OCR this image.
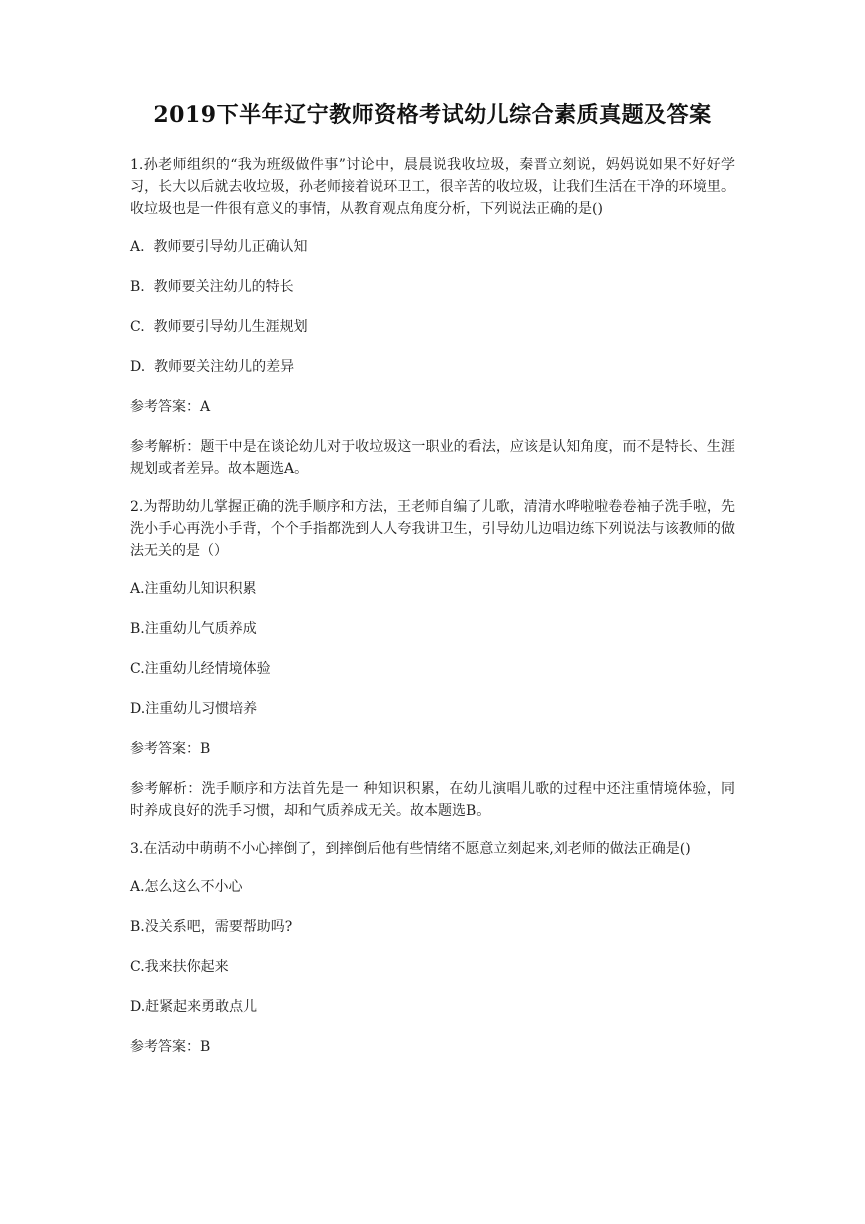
2019下半年辽宁教师资格考试幼儿综合素质真题及答案

1.孙老师组织的“我为班级做件事”讨论中，晨晨说我收垃圾，秦晋立刻说，妈妈说如果不好好学习，长大以后就去收垃圾，孙老师接着说环卫工，很辛苦的收垃圾，让我们生活在干净的环境里。收垃圾也是一件很有意义的事情，从教育观点角度分析，下列说法正确的是()

A.  教师要引导幼儿正确认知

B.  教师要关注幼儿的特长

C.  教师要引导幼儿生涯规划

D.  教师要关注幼儿的差异

参考答案：A

参考解析：题干中是在谈论幼儿对于收垃圾这一职业的看法，应该是认知角度，而不是特长、生涯规划或者差异。故本题选A。

2.为帮助幼儿掌握正确的洗手顺序和方法，王老师自编了儿歌，清清水哗啦啦卷卷袖子洗手啦，先洗小手心再洗小手背，个个手指都洗到人人夸我讲卫生，引导幼儿边唱边练下列说法与该教师的做法无关的是（）

A.注重幼儿知识积累

B.注重幼儿气质养成

C.注重幼儿经情境体验

D.注重幼儿习惯培养

参考答案：B

参考解析：洗手顺序和方法首先是一 种知识积累，在幼儿演唱儿歌的过程中还注重情境体验，同时养成良好的洗手习惯，却和气质养成无关。故本题选B。

3.在活动中萌萌不小心摔倒了，到摔倒后他有些情绪不愿意立刻起来,刘老师的做法正确是()

A.怎么这么不小心

B.没关系吧，需要帮助吗?

C.我来扶你起来

D.赶紧起来勇敢点儿

参考答案：B
